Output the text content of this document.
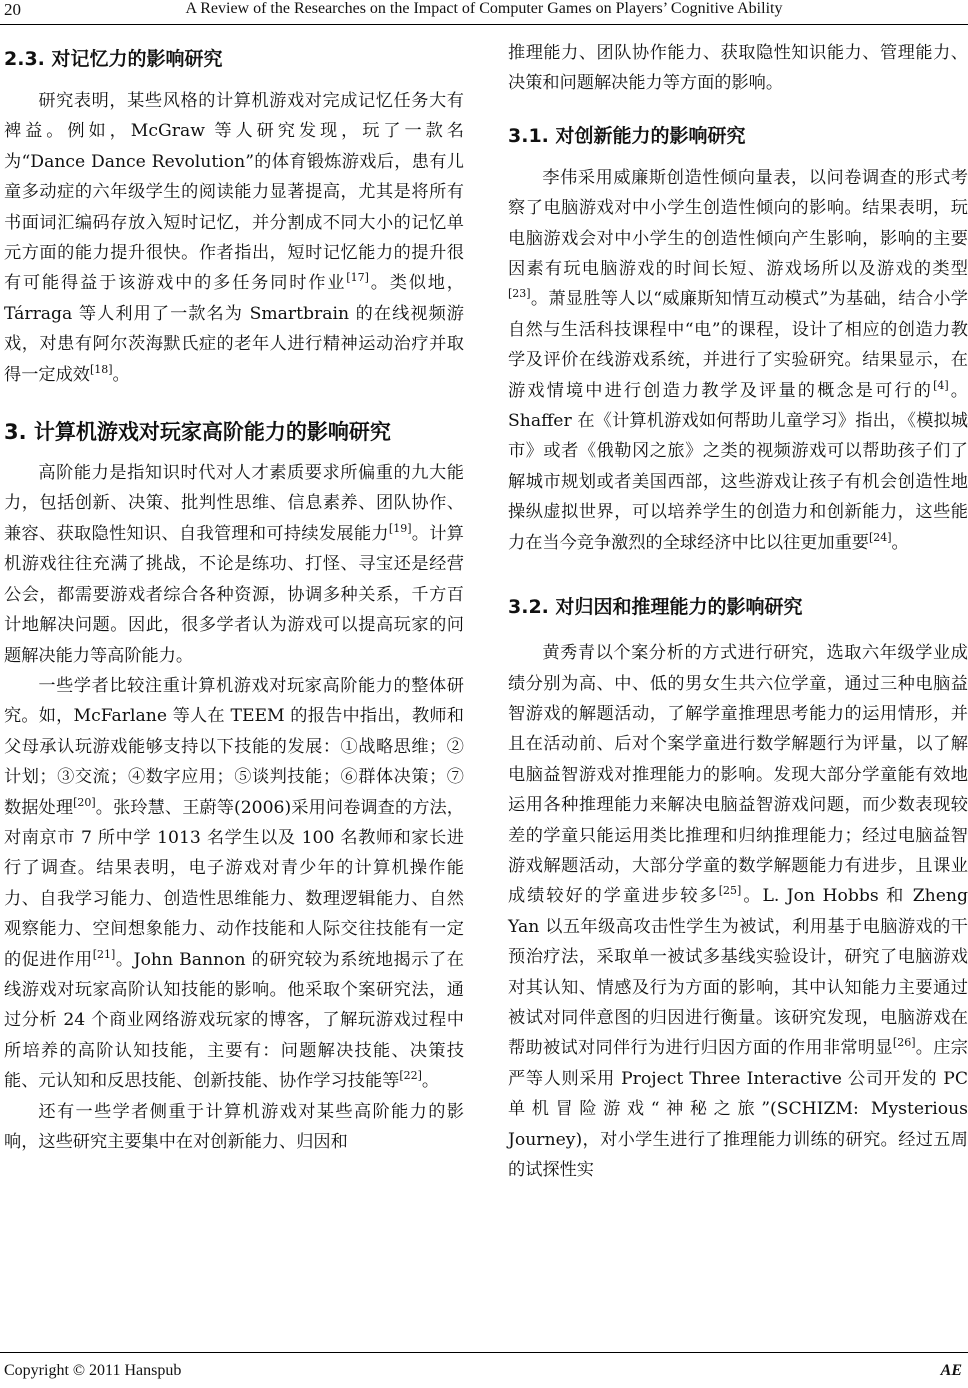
20	A Review of the Researches on the Impact of Computer Games on Players’ Cognitive Ability
2.3. 对记忆力的影响研究

研究表明，某些风格的计算机游戏对完成记忆任务大有裨益。例如，McGraw 等人研究发现，玩了一款名为“Dance Dance Revolution”的体育锻炼游戏后，患有儿童多动症的六年级学生的阅读能力显著提高，尤其是将所有书面词汇编码存放入短时记忆，并分割成不同大小的记忆单元方面的能力提升很快。作者指出，短时记忆能力的提升很有可能得益于该游戏中的多任务同时作业[17]。类似地，Tárraga 等人利用了一款名为 Smartbrain 的在线视频游戏，对患有阿尔茨海默氏症的老年人进行精神运动治疗并取得一定成效[18]。

3. 计算机游戏对玩家高阶能力的影响研究

高阶能力是指知识时代对人才素质要求所偏重的九大能力，包括创新、决策、批判性思维、信息素养、团队协作、兼容、获取隐性知识、自我管理和可持续发展能力[19]。计算机游戏往往充满了挑战，不论是练功、打怪、寻宝还是经营公会，都需要游戏者综合各种资源，协调多种关系，千方百计地解决问题。因此，很多学者认为游戏可以提高玩家的问题解决能力等高阶能力。

一些学者比较注重计算机游戏对玩家高阶能力的整体研究。如，McFarlane 等人在 TEEM 的报告中指出，教师和父母承认玩游戏能够支持以下技能的发展：①战略思维；②计划；③交流；④数字应用；⑤谈判技能；⑥群体决策；⑦数据处理[20]。张玲慧、王蔚等(2006)采用问卷调查的方法，对南京市 7 所中学 1013 名学生以及 100 名教师和家长进行了调查。结果表明，电子游戏对青少年的计算机操作能力、自我学习能力、创造性思维能力、数理逻辑能力、自然观察能力、空间想象能力、动作技能和人际交往技能有一定的促进作用[21]。John Bannon 的研究较为系统地揭示了在线游戏对玩家高阶认知技能的影响。他采取个案研究法，通过分析 24 个商业网络游戏玩家的博客，了解玩游戏过程中所培养的高阶认知技能，主要有：问题解决技能、决策技能、元认知和反思技能、创新技能、协作学习技能等[22]。

还有一些学者侧重于计算机游戏对某些高阶能力的影响，这些研究主要集中在对创新能力、归因和

推理能力、团队协作能力、获取隐性知识能力、管理能力、决策和问题解决能力等方面的影响。

3.1. 对创新能力的影响研究

李伟采用威廉斯创造性倾向量表，以问卷调查的形式考察了电脑游戏对中小学生创造性倾向的影响。结果表明，玩电脑游戏会对中小学生的创造性倾向产生影响，影响的主要因素有玩电脑游戏的时间长短、游戏场所以及游戏的类型[23]。萧显胜等人以“威廉斯知情互动模式”为基础，结合小学自然与生活科技课程中“电”的课程，设计了相应的创造力教学及评价在线游戏系统，并进行了实验研究。结果显示，在游戏情境中进行创造力教学及评量的概念是可行的[4]。Shaffer 在《计算机游戏如何帮助儿童学习》指出，《模拟城市》或者《俄勒冈之旅》之类的视频游戏可以帮助孩子们了解城市规划或者美国西部，这些游戏让孩子有机会创造性地操纵虚拟世界，可以培养学生的创造力和创新能力，这些能力在当今竞争激烈的全球经济中比以往更加重要[24]。

3.2. 对归因和推理能力的影响研究

黄秀青以个案分析的方式进行研究，选取六年级学业成绩分别为高、中、低的男女生共六位学童，通过三种电脑益智游戏的解题活动，了解学童推理思考能力的运用情形，并且在活动前、后对个案学童进行数学解题行为评量，以了解电脑益智游戏对推理能力的影响。发现大部分学童能有效地运用各种推理能力来解决电脑益智游戏问题，而少数表现较差的学童只能运用类比推理和归纳推理能力；经过电脑益智游戏解题活动，大部分学童的数学解题能力有进步，且课业成绩较好的学童进步较多[25]。L. Jon Hobbs 和 Zheng Yan 以五年级高攻击性学生为被试，利用基于电脑游戏的干预治疗法，采取单一被试多基线实验设计，研究了电脑游戏对其认知、情感及行为方面的影响，其中认知能力主要通过被试对同伴意图的归因进行衡量。该研究发现，电脑游戏在帮助被试对同伴行为进行归因方面的作用非常明显[26]。庄宗严等人则采用 Project Three Interactive 公司开发的 PC 单机冒险游戏“神秘之旅”(SCHIZM: Mysterious Journey)，对小学生进行了推理能力训练的研究。经过五周的试探性实

Copyright © 2011 Hanspub	AE
